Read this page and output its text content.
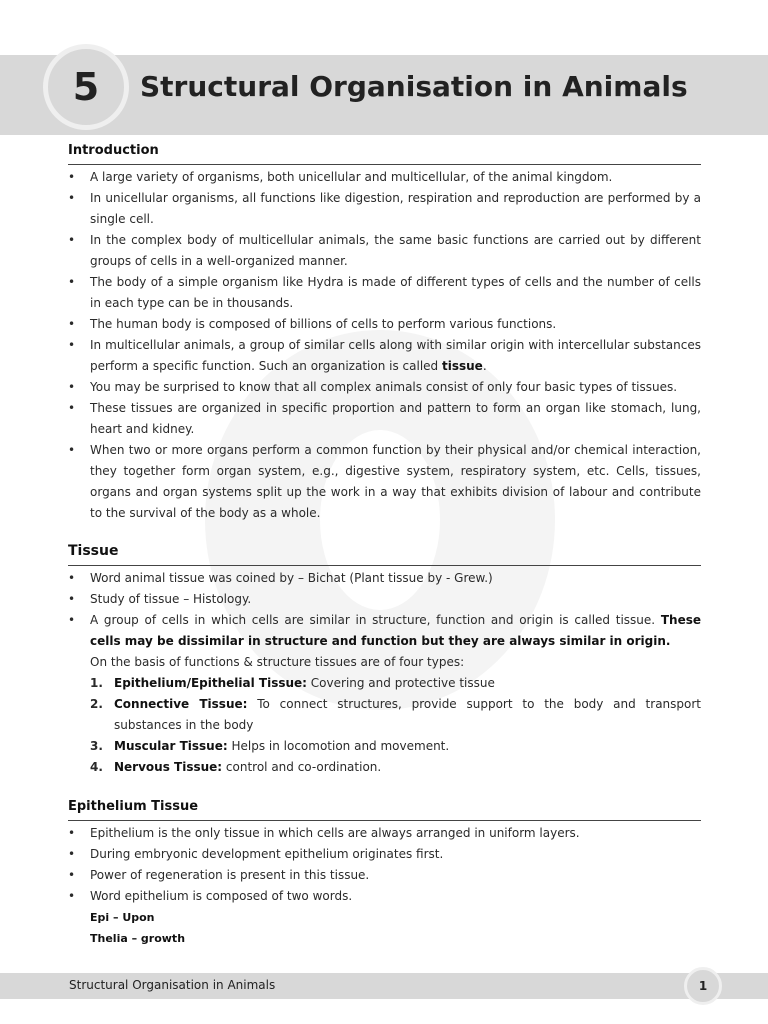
5 Structural Organisation in Animals
Introduction
• A large variety of organisms, both unicellular and multicellular, of the animal kingdom.
• In unicellular organisms, all functions like digestion, respiration and reproduction are performed by a single cell.
• In the complex body of multicellular animals, the same basic functions are carried out by different groups of cells in a well-organized manner.
• The body of a simple organism like Hydra is made of different types of cells and the number of cells in each type can be in thousands.
• The human body is composed of billions of cells to perform various functions.
• In multicellular animals, a group of similar cells along with similar origin with intercellular substances perform a specific function. Such an organization is called tissue.
• You may be surprised to know that all complex animals consist of only four basic types of tissues.
• These tissues are organized in specific proportion and pattern to form an organ like stomach, lung, heart and kidney.
• When two or more organs perform a common function by their physical and/or chemical interaction, they together form organ system, e.g., digestive system, respiratory system, etc. Cells, tissues, organs and organ systems split up the work in a way that exhibits division of labour and contribute to the survival of the body as a whole.
Tissue
• Word animal tissue was coined by – Bichat (Plant tissue by - Grew.)
• Study of tissue – Histology.
• A group of cells in which cells are similar in structure, function and origin is called tissue. These cells may be dissimilar in structure and function but they are always similar in origin.
On the basis of functions & structure tissues are of four types:
1. Epithelium/Epithelial Tissue: Covering and protective tissue
2. Connective Tissue: To connect structures, provide support to the body and transport substances in the body
3. Muscular Tissue: Helps in locomotion and movement.
4. Nervous Tissue: control and co-ordination.
Epithelium Tissue
• Epithelium is the only tissue in which cells are always arranged in uniform layers.
• During embryonic development epithelium originates first.
• Power of regeneration is present in this tissue.
• Word epithelium is composed of two words.
Epi – Upon
Thelia – growth
Structural Organisation in Animals	1
